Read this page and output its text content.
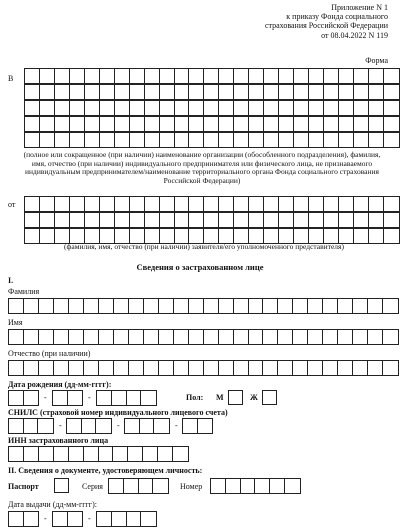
Приложение N 1
к приказу Фонда социального
страхования Российской Федерации
от 08.04.2022 N 119
Форма
В
(полное или сокращенное (при наличии) наименование организации (обособленного подразделения), фамилия, имя, отчество (при наличии) индивидуального предпринимателя или физического лица, не признаваемого индивидуальным предпринимателем/наименование территориального органа Фонда социального страхования Российской Федерации)
от
(фамилия, имя, отчество (при наличии) заявителя/его уполномоченного представителя)
Сведения о застрахованном лице
I.
Фамилия
Имя
Отчество (при наличии)
Дата рождения (дд-мм-гггг):
-	-	Пол: М	Ж
СНИЛС (страховой номер индивидуального лицевого счета)
-	-	-
ИНН застрахованного лица
II. Сведения о документе, удостоверяющем личность:
Паспорт	Серия	Номер
Дата выдачи (дд-мм-гггг):
-	-
